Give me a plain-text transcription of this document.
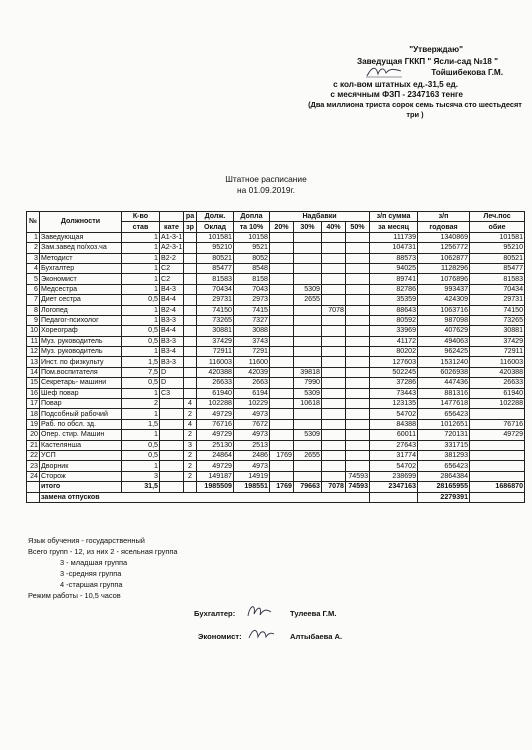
"Утверждаю"
Заведущая ГККП " Ясли-сад №18 "
Тойшибекова Г.М.
с кол-вом штатных ед.-31,5 ед.
с месячным ФЗП - 2347163 тенге
(Два миллиона триста сорок семь тысяча сто шестьдесят три )
Штатное расписание
на 01.09.2019г.
№	Должности	К-во		ра	Долж.	Допла	Надбавки				з/п сумма	з/п	Леч.пос
		став	кате	зр	Оклад	та 10%	20%	30%	40%	50%	за месяц	годовая	обие
1	Заведующая	1	А1-3-1		101581	10158					111739	1340869	101581
2	Зам.завед по/хоз.ча	1	А2-3-1		95210	9521					104731	1256772	95210
3	Методист	1	В2-2		80521	8052					88573	1062877	80521
4	Бухгалтер	1	С2		85477	8548					94025	1128296	85477
5	Экономист	1	С2		81583	8158					89741	1076896	81583
6	Медсестра	1	В4-3		70434	7043		5309			82786	993437	70434
7	Диет сестра	0,5	В4-4		29731	2973		2655			35359	424309	29731
8	Логопед	1	В2-4		74150	7415			7078		88643	1063716	74150
9	Педагог-психолог	1	В3-3		73265	7327					80592	987098	73265
10	Хореограф	0,5	В4-4		30881	3088					33969	407629	30881
11	Муз. руководитель	0,5	В3-3		37429	3743					41172	494063	37429
12	Муз. руководитель	1	В3-4		72911	7291					80202	962425	72911
13	Инст. по физкульту	1,5	В3-3		116003	11600					127603	1531240	116003
14	Пом.воспитателя	7,5	D		420388	42039		39818			502245	6026938	420388
15	Секретарь- машини	0,5	D		26633	2663		7990			37286	447436	26633
16	Шеф повар	1	С3		61940	6194		5309			73443	881316	61940
17	Повар	2		4	102288	10229		10618			123135	1477618	102288
18	Подсобный рабочий	1		2	49729	4973					54702	656423	
19	Раб. по обсл. зд.	1,5		4	76716	7672					84388	1012651	76716
20	Опер. стир. Машин	1		2	49729	4973		5309			60011	720131	49729
21	Кастелянша	0,5		3	25130	2513					27643	331715	
22	УСП	0,5		2	24864	2486	1769	2655			31774	381293	
23	Дворник	1		2	49729	4973					54702	656423	
24	Сторож	3		2	149187	14919				74593	238699	2864384	
	итого	31,5			1985509	198551	1769	79663	7078	74593	2347163	28165955	1686870
	замена отпусков											2279391	
Язык обучения - государственный
Всего групп - 12, из них 2 - ясельная группа
3 - младшая группа
3 -средняя группа
4 -старшая группа
Режим работы - 10,5 часов
Бухгалтер:	Тулеева Г.М.
Экономист:	Алтыбаева А.
